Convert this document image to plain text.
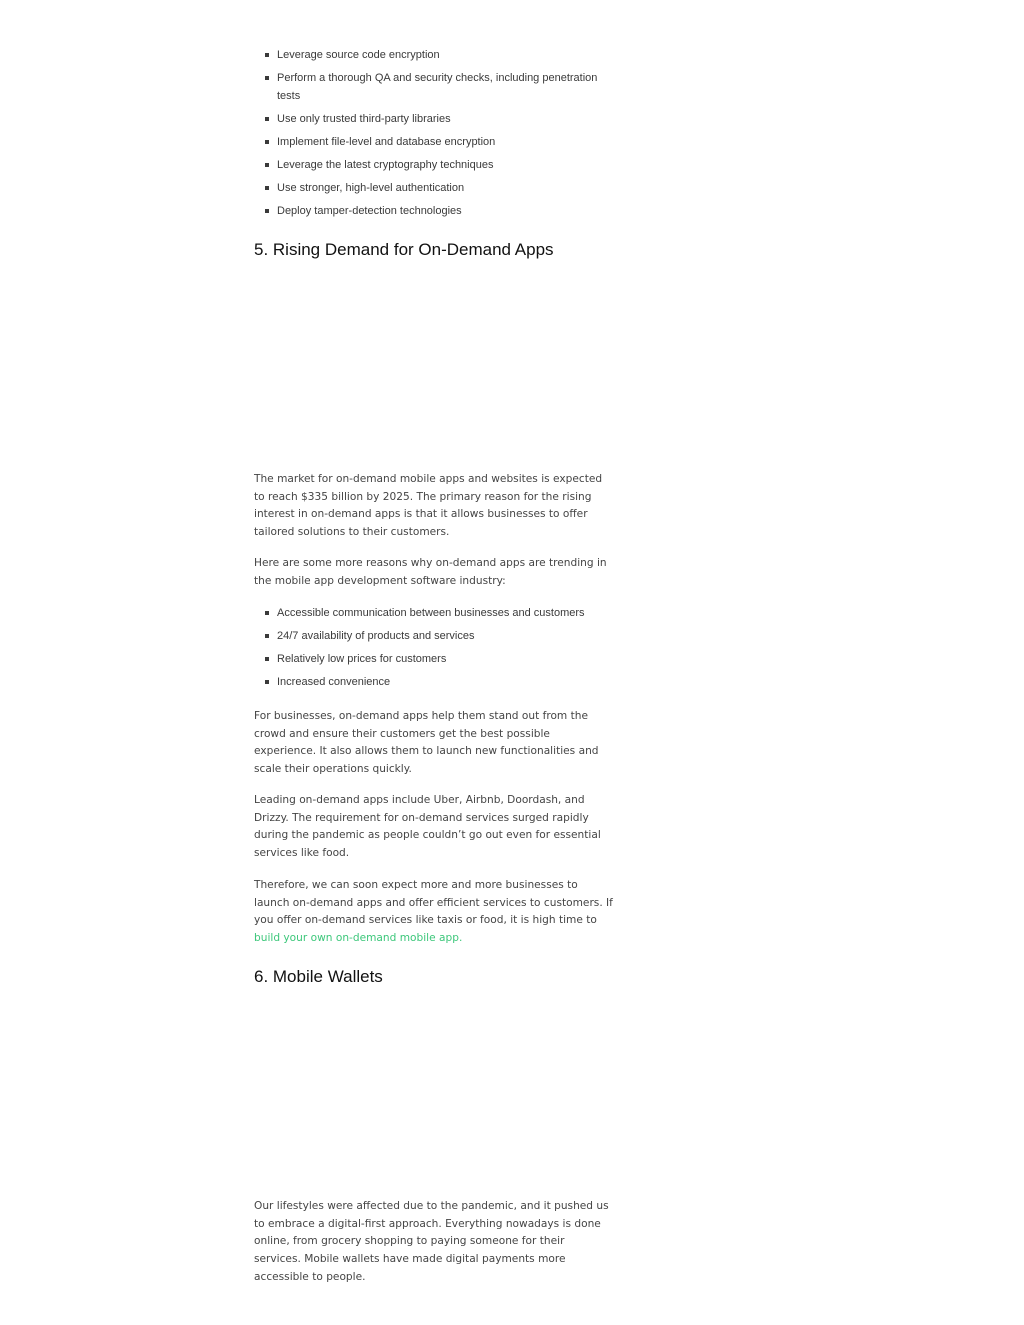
Leverage source code encryption
Perform a thorough QA and security checks, including penetration tests
Use only trusted third-party libraries
Implement file-level and database encryption
Leverage the latest cryptography techniques
Use stronger, high-level authentication
Deploy tamper-detection technologies
5. Rising Demand for On-Demand Apps

The market for on-demand mobile apps and websites is expected to reach $335 billion by 2025. The primary reason for the rising interest in on-demand apps is that it allows businesses to offer tailored solutions to their customers.

Here are some more reasons why on-demand apps are trending in the mobile app development software industry:

Accessible communication between businesses and customers
24/7 availability of products and services
Relatively low prices for customers
Increased convenience

For businesses, on-demand apps help them stand out from the crowd and ensure their customers get the best possible experience. It also allows them to launch new functionalities and scale their operations quickly.

Leading on-demand apps include Uber, Airbnb, Doordash, and Drizzy. The requirement for on-demand services surged rapidly during the pandemic as people couldn’t go out even for essential services like food.

Therefore, we can soon expect more and more businesses to launch on-demand apps and offer efficient services to customers. If you offer on-demand services like taxis or food, it is high time to build your own on-demand mobile app.

6. Mobile Wallets

Our lifestyles were affected due to the pandemic, and it pushed us to embrace a digital-first approach. Everything nowadays is done online, from grocery shopping to paying someone for their services. Mobile wallets have made digital payments more accessible to people.
